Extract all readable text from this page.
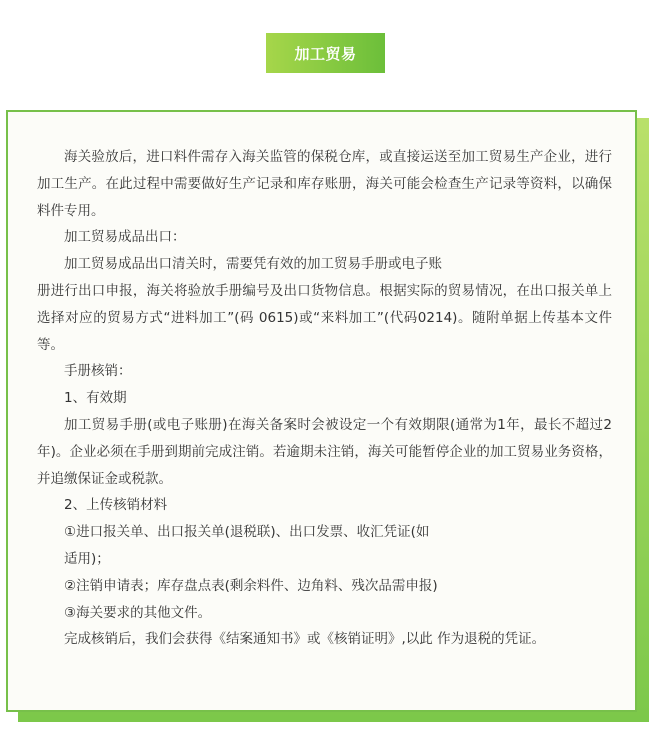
加工贸易

海关验放后，进口料件需存入海关监管的保税仓库，或直接运送至加工贸易生产企业，进行加工生产。在此过程中需要做好生产记录和库存账册，海关可能会检查生产记录等资料，以确保料件专用。

加工贸易成品出口：

加工贸易成品出口清关时，需要凭有效的加工贸易手册或电子账

册进行出口申报，海关将验放手册编号及出口货物信息。根据实际的贸易情况，在出口报关单上选择对应的贸易方式“进料加工”(码 0615)或“来料加工”(代码0214)。随附单据上传基本文件等。

手册核销：

1、有效期

加工贸易手册(或电子账册)在海关备案时会被设定一个有效期限(通常为1年，最长不超过2年)。企业必须在手册到期前完成注销。若逾期未注销，海关可能暂停企业的加工贸易业务资格，并追缴保证金或税款。

2、上传核销材料

①进口报关单、出口报关单(退税联)、出口发票、收汇凭证(如

适用)；

②注销申请表；库存盘点表(剩余料件、边角料、残次品需申报)

③海关要求的其他文件。

完成核销后，我们会获得《结案通知书》或《核销证明》,以此 作为退税的凭证。
